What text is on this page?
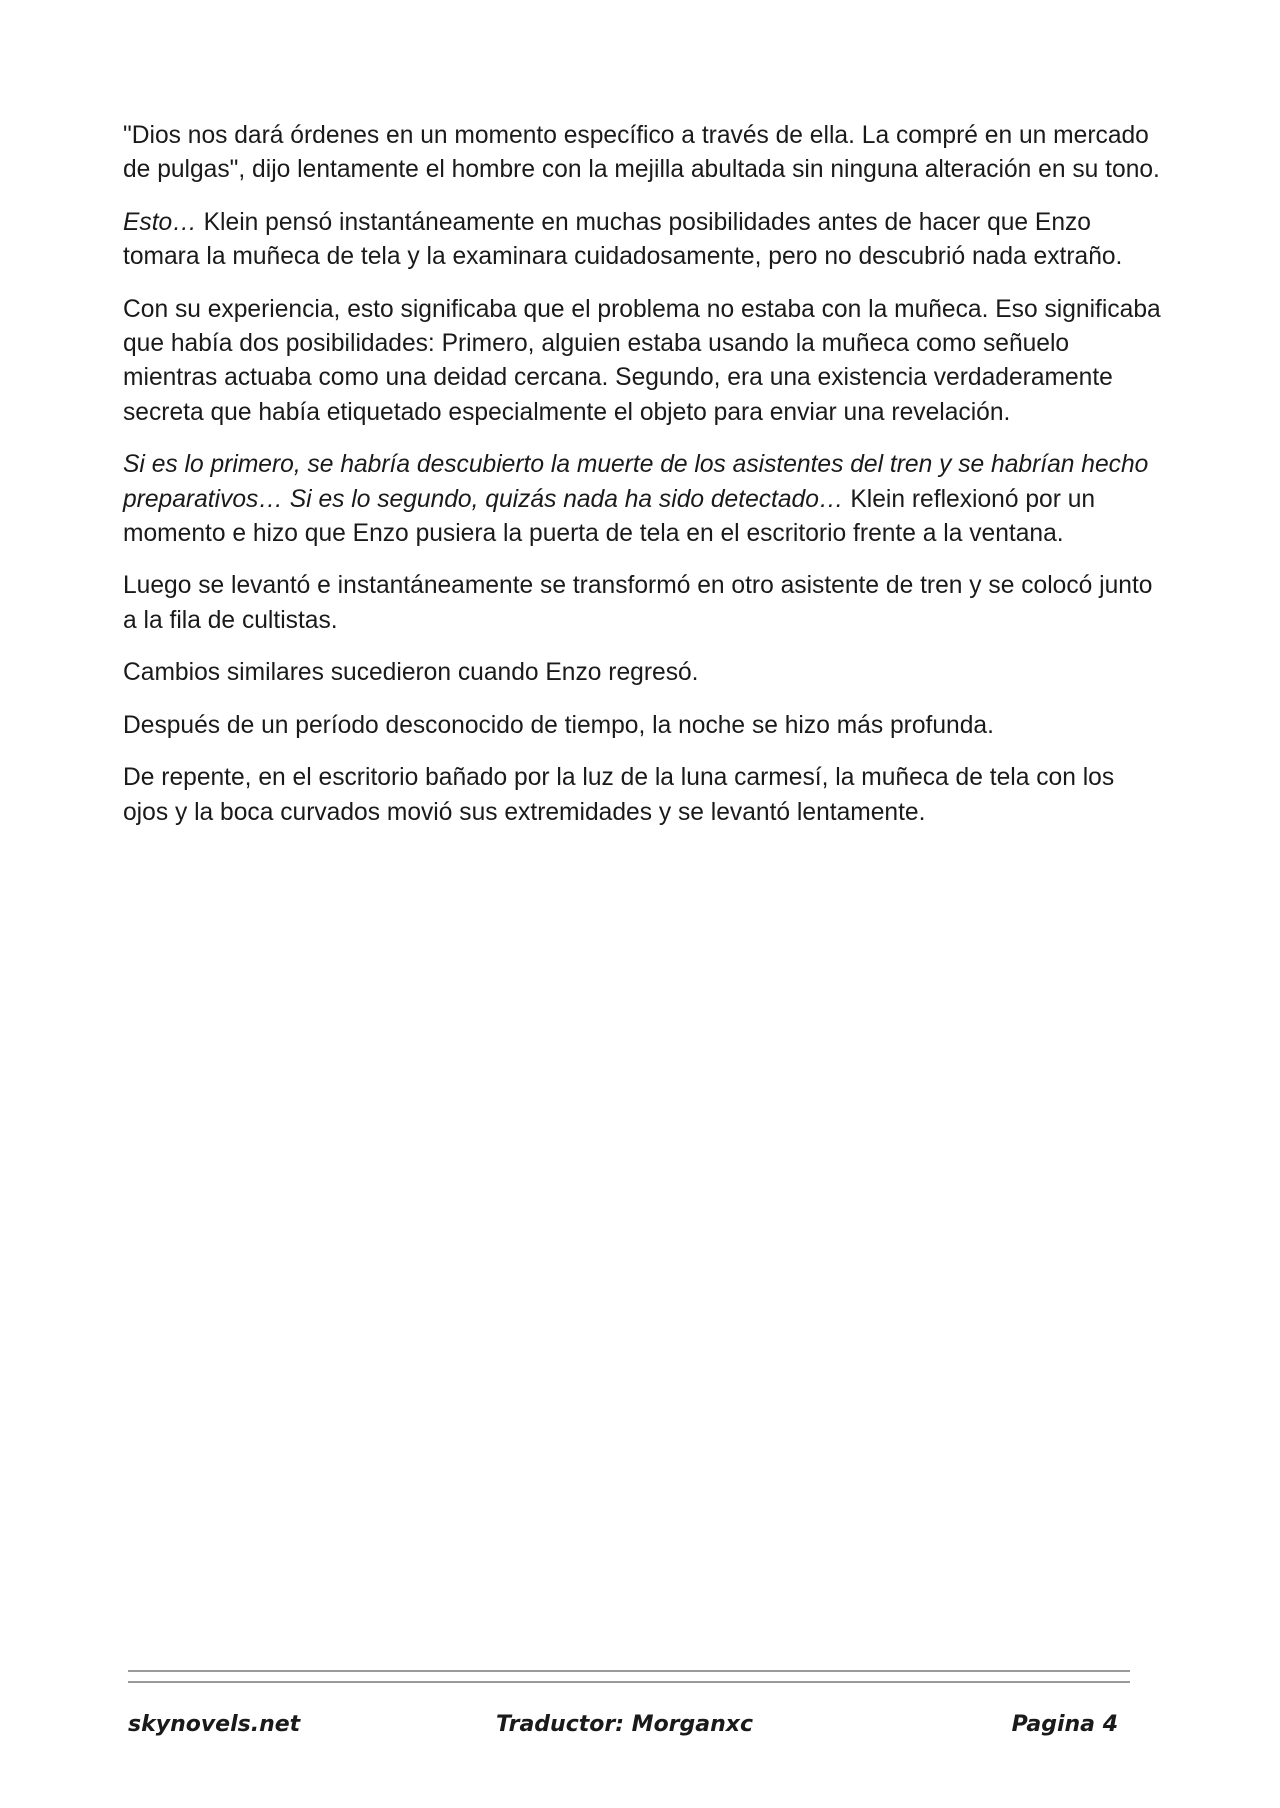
"Dios nos dará órdenes en un momento específico a través de ella. La compré en un mercado de pulgas", dijo lentamente el hombre con la mejilla abultada sin ninguna alteración en su tono.

Esto… Klein pensó instantáneamente en muchas posibilidades antes de hacer que Enzo tomara la muñeca de tela y la examinara cuidadosamente, pero no descubrió nada extraño.

Con su experiencia, esto significaba que el problema no estaba con la muñeca. Eso significaba que había dos posibilidades: Primero, alguien estaba usando la muñeca como señuelo mientras actuaba como una deidad cercana. Segundo, era una existencia verdaderamente secreta que había etiquetado especialmente el objeto para enviar una revelación.

Si es lo primero, se habría descubierto la muerte de los asistentes del tren y se habrían hecho preparativos… Si es lo segundo, quizás nada ha sido detectado… Klein reflexionó por un momento e hizo que Enzo pusiera la puerta de tela en el escritorio frente a la ventana.

Luego se levantó e instantáneamente se transformó en otro asistente de tren y se colocó junto a la fila de cultistas.

Cambios similares sucedieron cuando Enzo regresó.

Después de un período desconocido de tiempo, la noche se hizo más profunda.

De repente, en el escritorio bañado por la luz de la luna carmesí, la muñeca de tela con los ojos y la boca curvados movió sus extremidades y se levantó lentamente.

skynovels.net	Traductor: Morganxc	Pagina 4
